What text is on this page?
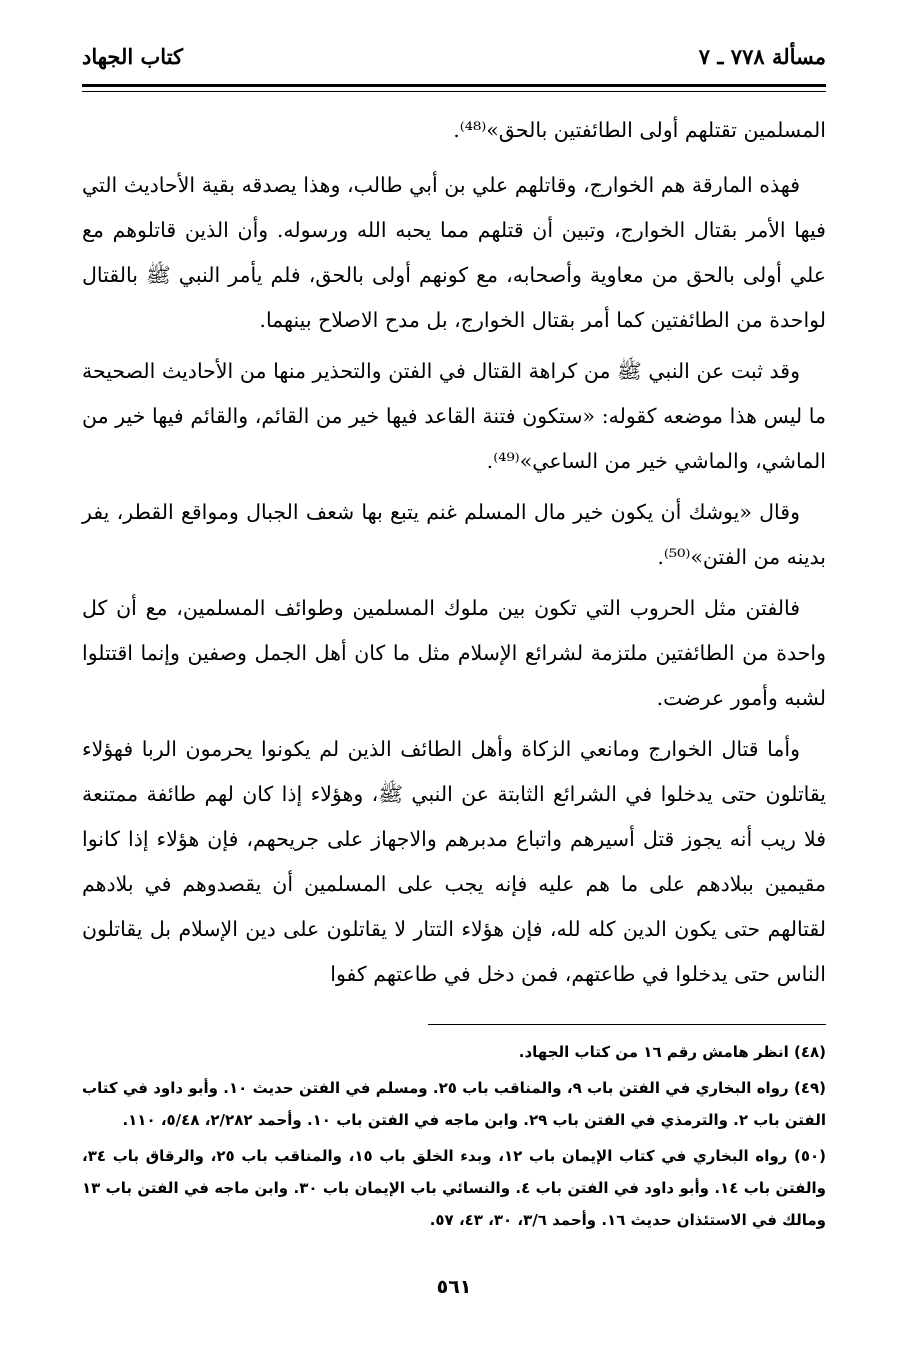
مسألة ٧٧٨ ـ ٧
كتاب الجهاد

المسلمين تقتلهم أولى الطائفتين بالحق»⁽⁴⁸⁾.

فهذه المارقة هم الخوارج، وقاتلهم علي بن أبي طالب، وهذا يصدقه بقية الأحاديث التي فيها الأمر بقتال الخوارج، وتبين أن قتلهم مما يحبه الله ورسوله. وأن الذين قاتلوهم مع علي أولى بالحق من معاوية وأصحابه، مع كونهم أولى بالحق، فلم يأمر النبي ﷺ بالقتال لواحدة من الطائفتين كما أمر بقتال الخوارج، بل مدح الاصلاح بينهما.

وقد ثبت عن النبي ﷺ من كراهة القتال في الفتن والتحذير منها من الأحاديث الصحيحة ما ليس هذا موضعه كقوله: «ستكون فتنة القاعد فيها خير من القائم، والقائم فيها خير من الماشي، والماشي خير من الساعي»⁽⁴⁹⁾.

وقال «يوشك أن يكون خير مال المسلم غنم يتبع بها شعف الجبال ومواقع القطر، يفر بدينه من الفتن»⁽⁵⁰⁾.

فالفتن مثل الحروب التي تكون بين ملوك المسلمين وطوائف المسلمين، مع أن كل واحدة من الطائفتين ملتزمة لشرائع الإسلام مثل ما كان أهل الجمل وصفين وإنما اقتتلوا لشبه وأمور عرضت.

وأما قتال الخوارج ومانعي الزكاة وأهل الطائف الذين لم يكونوا يحرمون الربا فهؤلاء يقاتلون حتى يدخلوا في الشرائع الثابتة عن النبي ﷺ، وهؤلاء إذا كان لهم طائفة ممتنعة فلا ريب أنه يجوز قتل أسيرهم واتباع مدبرهم والاجهاز على جريحهم، فإن هؤلاء إذا كانوا مقيمين ببلادهم على ما هم عليه فإنه يجب على المسلمين أن يقصدوهم في بلادهم لقتالهم حتى يكون الدين كله لله، فإن هؤلاء التتار لا يقاتلون على دين الإسلام بل يقاتلون الناس حتى يدخلوا في طاعتهم، فمن دخل في طاعتهم كفوا

(٤٨) انظر هامش رقم ١٦ من كتاب الجهاد.

(٤٩) رواه البخاري في الفتن باب ٩، والمناقب باب ٢٥. ومسلم في الفتن حديث ١٠. وأبو داود في كتاب الفتن باب ٢. والترمذي في الفتن باب ٢٩. وابن ماجه في الفتن باب ١٠. وأحمد ٢/٢٨٢، ٥/٤٨، ١١٠.

(٥٠) رواه البخاري في كتاب الإيمان باب ١٢، وبدء الخلق باب ١٥، والمناقب باب ٢٥، والرقاق باب ٣٤، والفتن باب ١٤. وأبو داود في الفتن باب ٤. والنسائي باب الإيمان باب ٣٠. وابن ماجه في الفتن باب ١٣ ومالك في الاستئذان حديث ١٦. وأحمد ٣/٦، ٣٠، ٤٣، ٥٧.

٥٦١
